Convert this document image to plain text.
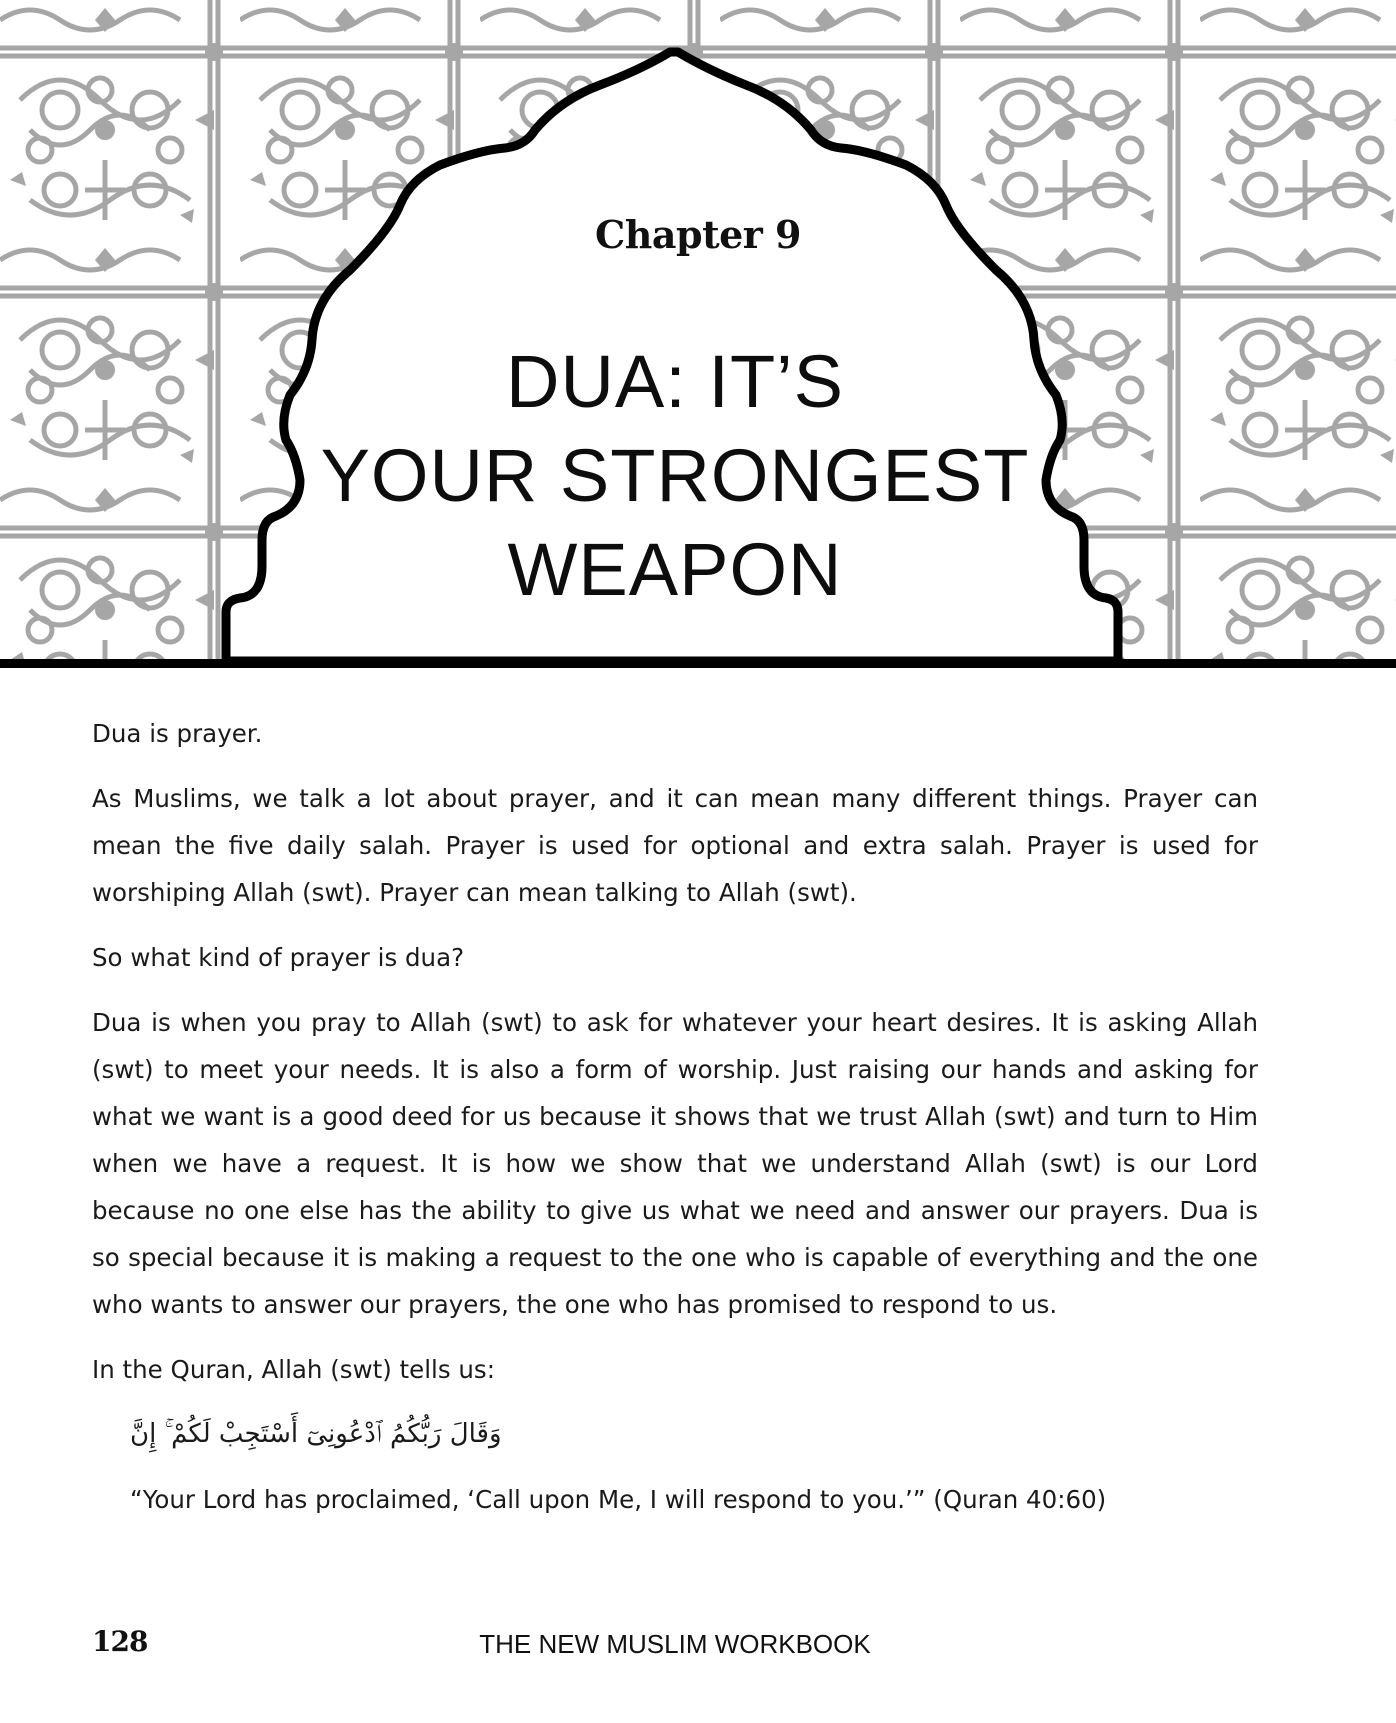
Chapter 9
DUA: IT’S
YOUR STRONGEST
WEAPON

Dua is prayer.

As Muslims, we talk a lot about prayer, and it can mean many different things. Prayer can mean the five daily salah. Prayer is used for optional and extra salah. Prayer is used for worshiping Allah (swt). Prayer can mean talking to Allah (swt).

So what kind of prayer is dua?

Dua is when you pray to Allah (swt) to ask for whatever your heart desires. It is asking Allah (swt) to meet your needs. It is also a form of worship. Just raising our hands and asking for what we want is a good deed for us because it shows that we trust Allah (swt) and turn to Him when we have a request. It is how we show that we understand Allah (swt) is our Lord because no one else has the ability to give us what we need and answer our prayers. Dua is so special because it is making a request to the one who is capable of everything and the one who wants to answer our prayers, the one who has promised to respond to us.

In the Quran, Allah (swt) tells us:

وَقَالَ رَبُّكُمُ ٱدْعُونِىٓ أَسْتَجِبْ لَكُمْ ۚ إِنَّ

“Your Lord has proclaimed, ‘Call upon Me, I will respond to you.’” (Quran 40:60)

128	THE NEW MUSLIM WORKBOOK
